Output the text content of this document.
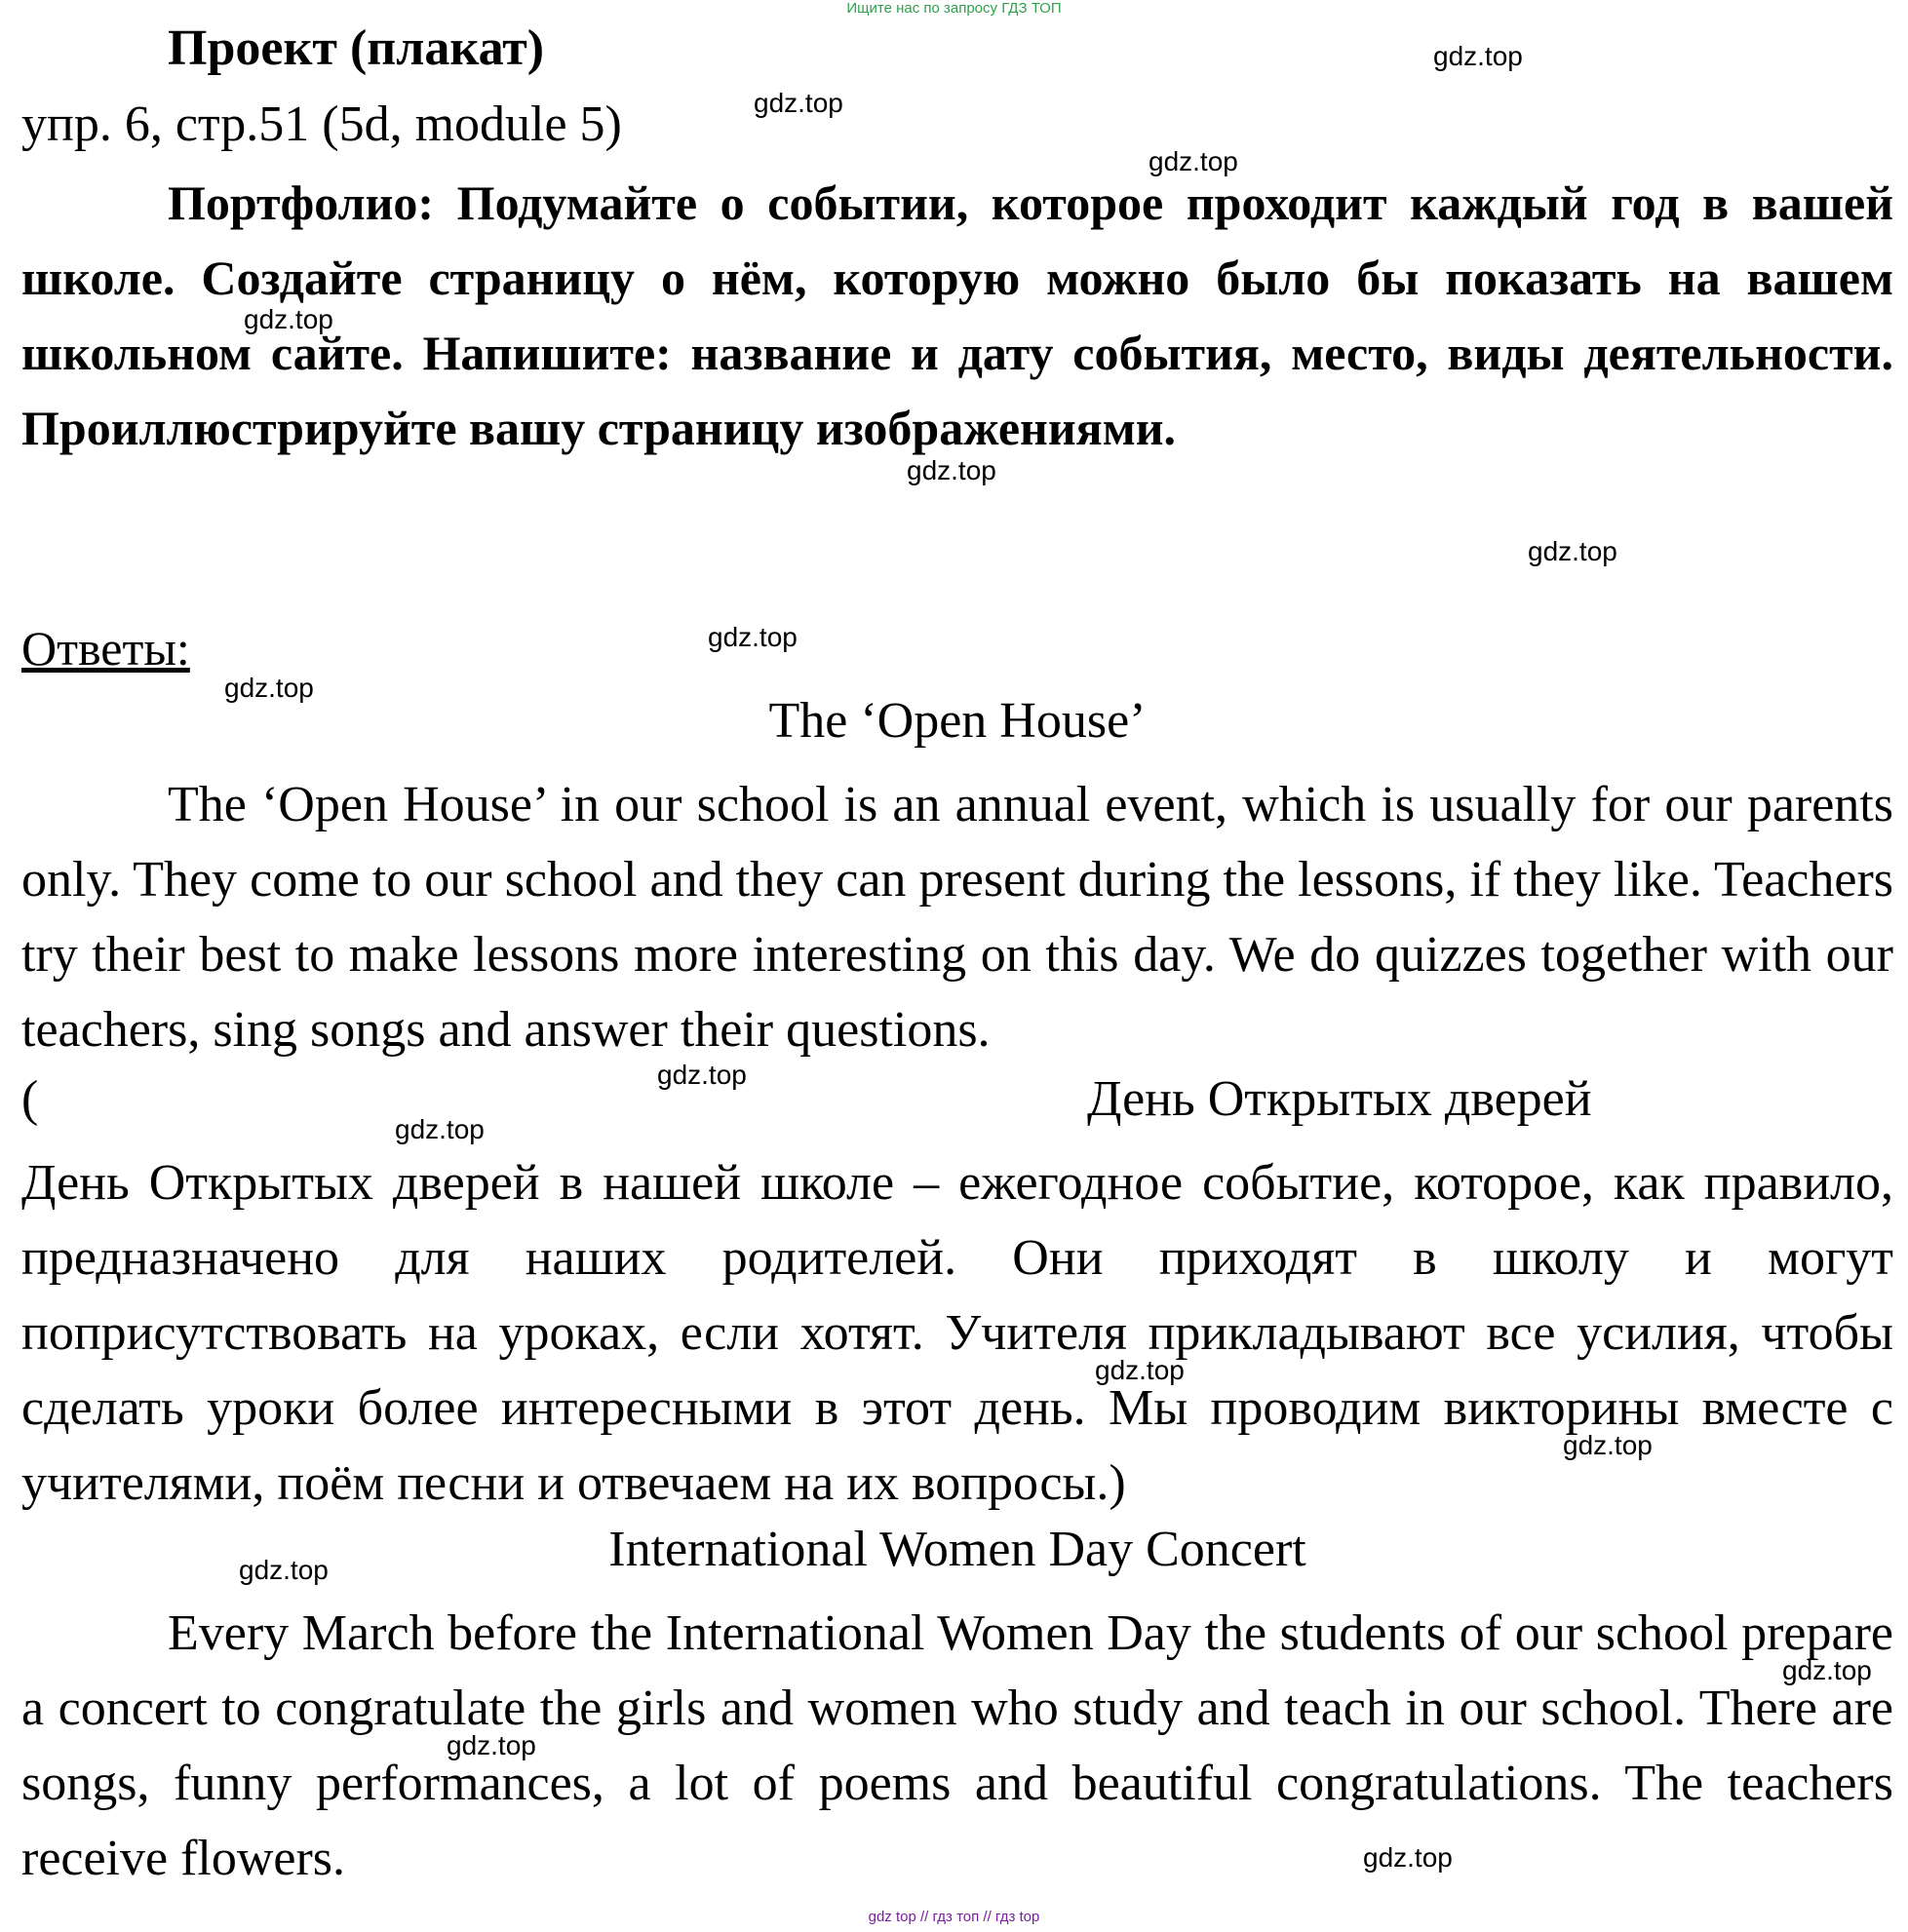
Ищите нас по запросу ГДЗ ТОП
Проект (плакат)
упр. 6, стр.51 (5d, module 5)
Портфолио: Подумайте о событии, которое проходит каждый год в вашей школе. Создайте страницу о нём, которую можно было бы показать на вашем школьном сайте. Напишите: название и дату события, место, виды деятельности. Проиллюстрируйте вашу страницу изображениями.
Ответы:
The ‘Open House’
The ‘Open House’ in our school is an annual event, which is usually for our parents only. They come to our school and they can present during the lessons, if they like. Teachers try their best to make lessons more interesting on this day. We do quizzes together with our teachers, sing songs and answer their questions.
(	День Открытых дверей
День Открытых дверей в нашей школе – ежегодное событие, которое, как правило, предназначено для наших родителей. Они приходят в школу и могут поприсутствовать на уроках, если хотят. Учителя прикладывают все усилия, чтобы сделать уроки более интересными в этот день. Мы проводим викторины вместе с учителями, поём песни и отвечаем на их вопросы.)
International Women Day Concert
Every March before the International Women Day the students of our school prepare a concert to congratulate the girls and women who study and teach in our school. There are songs, funny performances, a lot of poems and beautiful congratulations. The teachers receive flowers.
gdz.top
gdz.top
gdz.top
gdz.top
gdz.top
gdz.top
gdz.top
gdz.top
gdz.top
gdz.top
gdz.top
gdz.top
gdz.top
gdz.top
gdz.top
gdz.top
gdz top // гдз топ // гдз top
